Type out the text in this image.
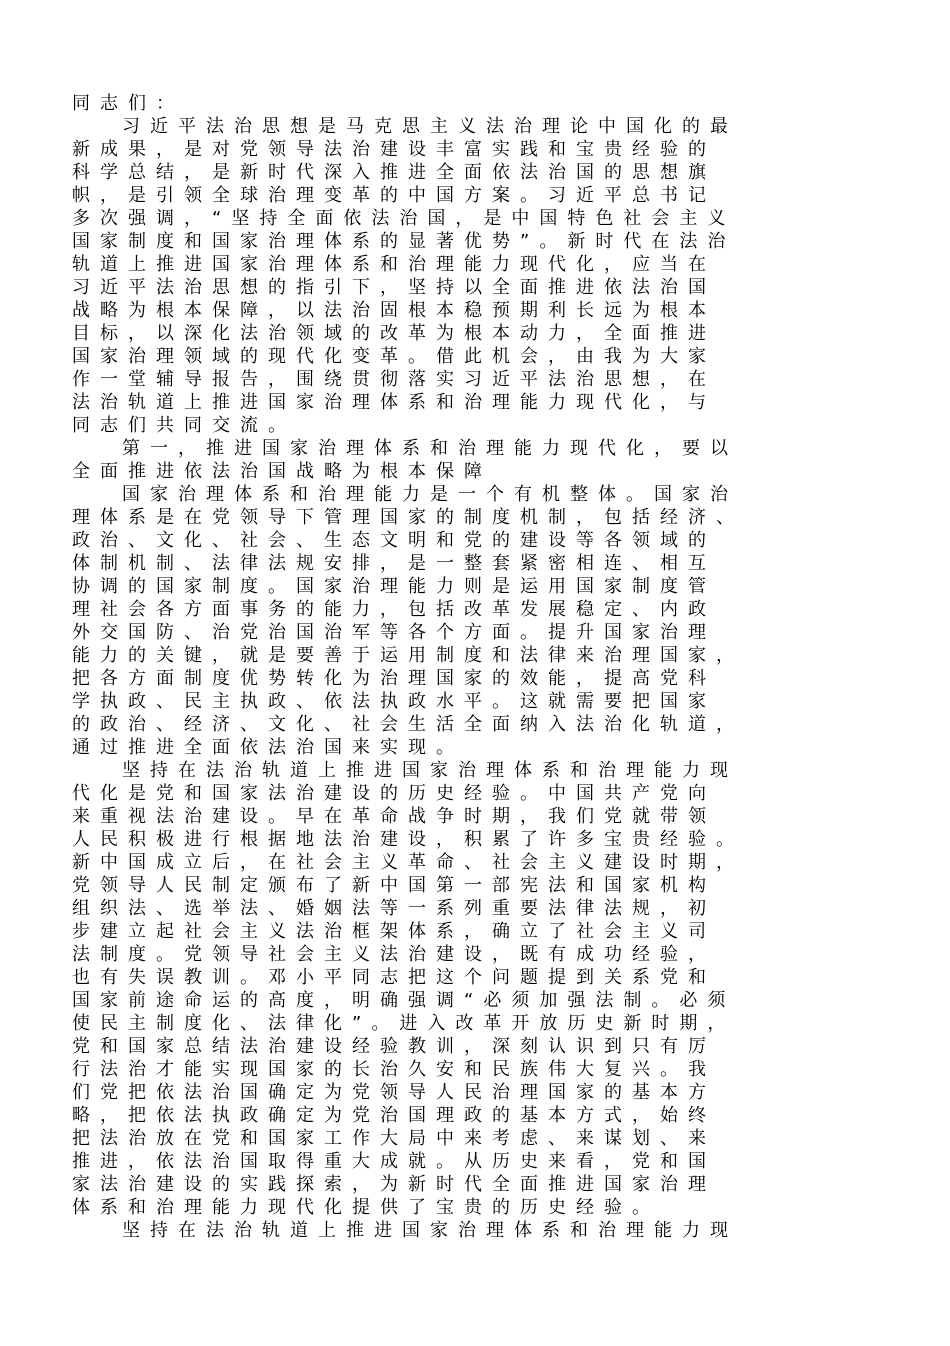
同志们：
习近平法治思想是马克思主义法治理论中国化的最
新成果，是对党领导法治建设丰富实践和宝贵经验的
科学总结，是新时代深入推进全面依法治国的思想旗
帜，是引领全球治理变革的中国方案。习近平总书记
多次强调，“坚持全面依法治国，是中国特色社会主义
国家制度和国家治理体系的显著优势”。新时代在法治
轨道上推进国家治理体系和治理能力现代化，应当在
习近平法治思想的指引下，坚持以全面推进依法治国
战略为根本保障，以法治固根本稳预期利长远为根本
目标，以深化法治领域的改革为根本动力，全面推进
国家治理领域的现代化变革。借此机会，由我为大家
作一堂辅导报告，围绕贯彻落实习近平法治思想，在
法治轨道上推进国家治理体系和治理能力现代化，与
同志们共同交流。
第一，推进国家治理体系和治理能力现代化，要以
全面推进依法治国战略为根本保障
国家治理体系和治理能力是一个有机整体。国家治
理体系是在党领导下管理国家的制度机制，包括经济、
政治、文化、社会、生态文明和党的建设等各领域的
体制机制、法律法规安排，是一整套紧密相连、相互
协调的国家制度。国家治理能力则是运用国家制度管
理社会各方面事务的能力，包括改革发展稳定、内政
外交国防、治党治国治军等各个方面。提升国家治理
能力的关键，就是要善于运用制度和法律来治理国家，
把各方面制度优势转化为治理国家的效能，提高党科
学执政、民主执政、依法执政水平。这就需要把国家
的政治、经济、文化、社会生活全面纳入法治化轨道，
通过推进全面依法治国来实现。
坚持在法治轨道上推进国家治理体系和治理能力现
代化是党和国家法治建设的历史经验。中国共产党向
来重视法治建设。早在革命战争时期，我们党就带领
人民积极进行根据地法治建设，积累了许多宝贵经验。
新中国成立后，在社会主义革命、社会主义建设时期，
党领导人民制定颁布了新中国第一部宪法和国家机构
组织法、选举法、婚姻法等一系列重要法律法规，初
步建立起社会主义法治框架体系，确立了社会主义司
法制度。党领导社会主义法治建设，既有成功经验，
也有失误教训。邓小平同志把这个问题提到关系党和
国家前途命运的高度，明确强调“必须加强法制。必须
使民主制度化、法律化”。进入改革开放历史新时期，
党和国家总结法治建设经验教训，深刻认识到只有厉
行法治才能实现国家的长治久安和民族伟大复兴。我
们党把依法治国确定为党领导人民治理国家的基本方
略，把依法执政确定为党治国理政的基本方式，始终
把法治放在党和国家工作大局中来考虑、来谋划、来
推进，依法治国取得重大成就。从历史来看，党和国
家法治建设的实践探索，为新时代全面推进国家治理
体系和治理能力现代化提供了宝贵的历史经验。
坚持在法治轨道上推进国家治理体系和治理能力现
